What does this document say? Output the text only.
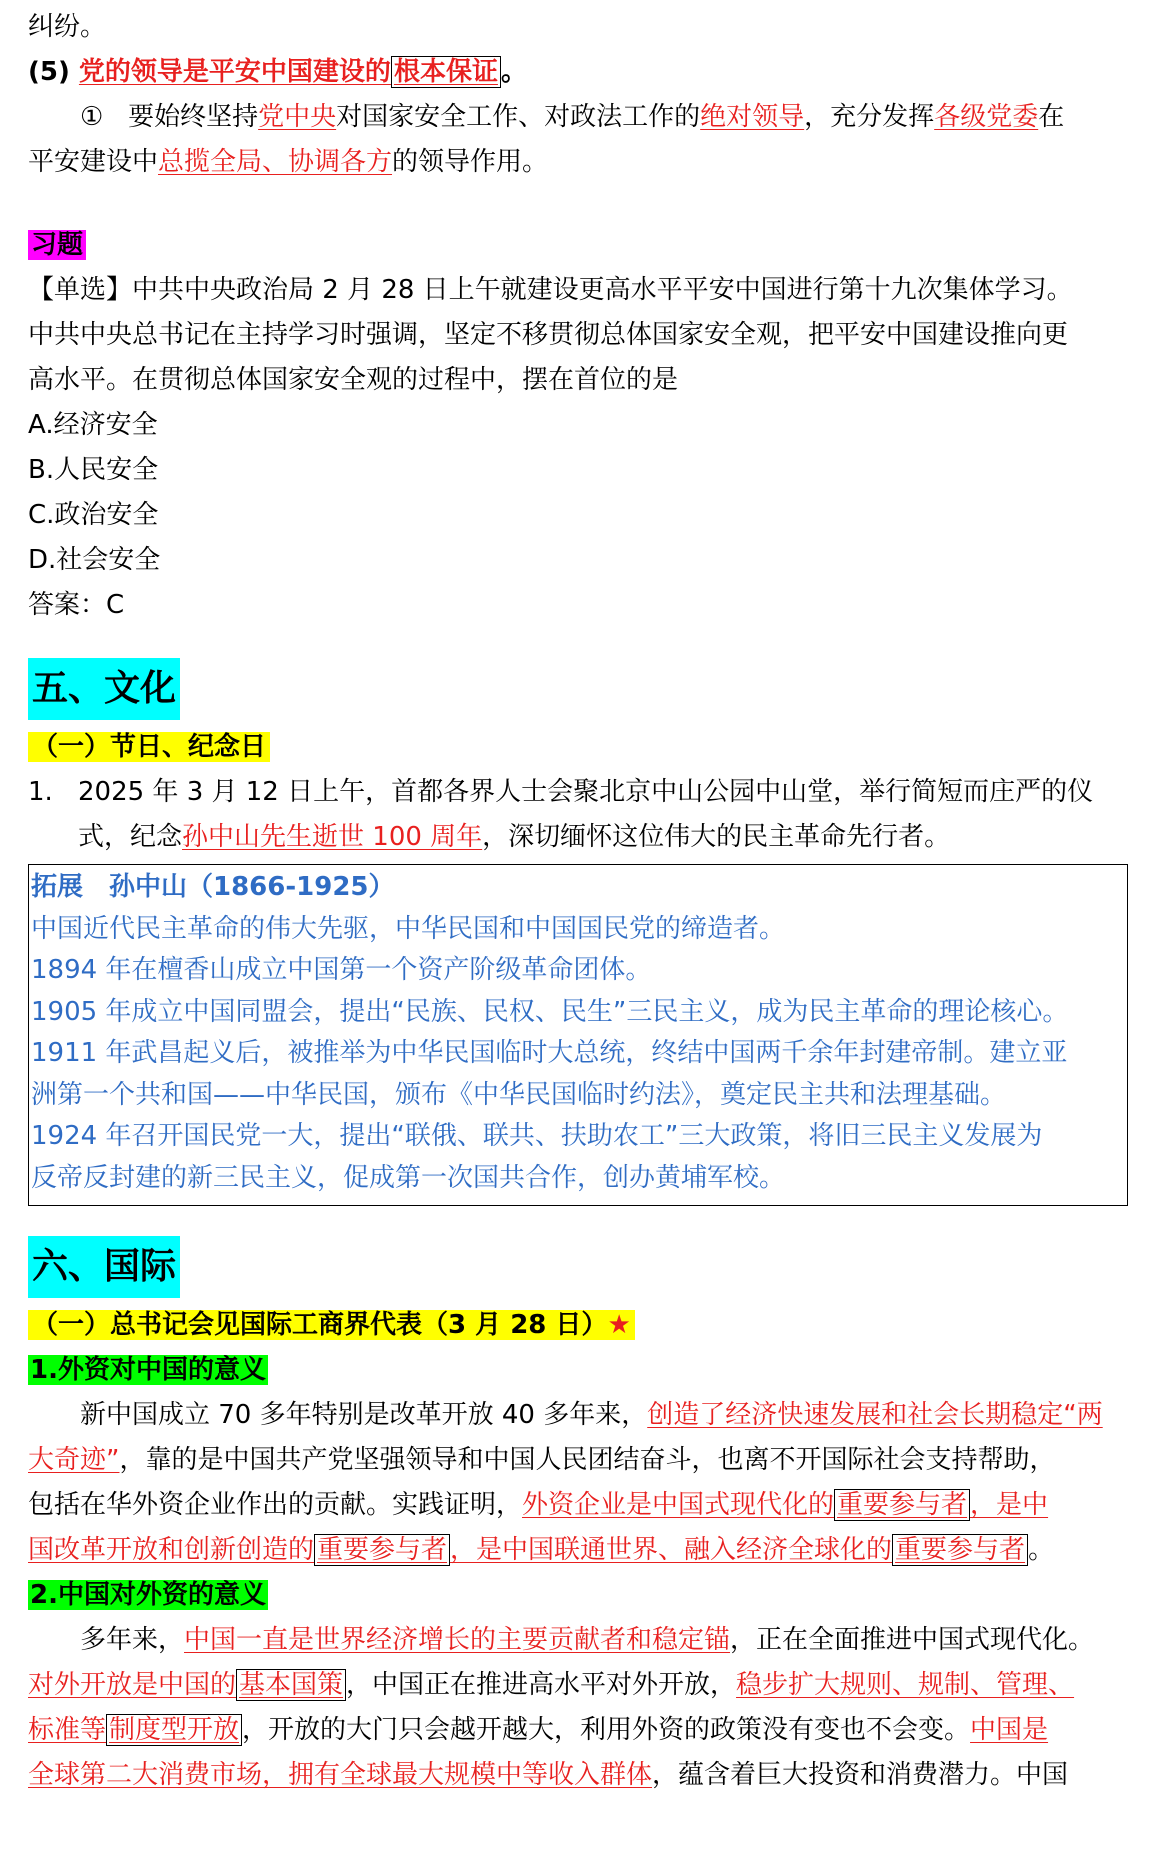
纠纷。

(5) 党的领导是平安中国建设的 根本保证 。

① 要始终坚持党中央对国家安全工作、对政法工作的绝对领导，充分发挥各级党委在

平安建设中总揽全局、协调各方的领导作用。

习题

【单选】中共中央政治局 2 月 28 日上午就建设更高水平平安中国进行第十九次集体学习。

中共中央总书记在主持学习时强调，坚定不移贯彻总体国家安全观，把平安中国建设推向更

高水平。在贯彻总体国家安全观的过程中，摆在首位的是

A.经济安全

B.人民安全

C.政治安全

D.社会安全

答案：C

五、文化

（一）节日、纪念日

1. 2025 年 3 月 12 日上午，首都各界人士会聚北京中山公园中山堂，举行简短而庄严的仪

式，纪念孙中山先生逝世 100 周年，深切缅怀这位伟大的民主革命先行者。

拓展　孙中山（1866-1925）

中国近代民主革命的伟大先驱，中华民国和中国国民党的缔造者。

1894 年在檀香山成立中国第一个资产阶级革命团体。

1905 年成立中国同盟会，提出“民族、民权、民生”三民主义，成为民主革命的理论核心。

1911 年武昌起义后，被推举为中华民国临时大总统，终结中国两千余年封建帝制。建立亚

洲第一个共和国——中华民国，颁布《中华民国临时约法》，奠定民主共和法理基础。

1924 年召开国民党一大，提出“联俄、联共、扶助农工”三大政策，将旧三民主义发展为

反帝反封建的新三民主义，促成第一次国共合作，创办黄埔军校。

六、国际

（一）总书记会见国际工商界代表（3 月 28 日）★

1.外资对中国的意义

新中国成立 70 多年特别是改革开放 40 多年来，创造了经济快速发展和社会长期稳定“两

大奇迹”，靠的是中国共产党坚强领导和中国人民团结奋斗，也离不开国际社会支持帮助，

包括在华外资企业作出的贡献。实践证明，外资企业是中国式现代化的 重要参与者 ，是中

国改革开放和创新创造的 重要参与者 ，是中国联通世界、融入经济全球化的 重要参与者 。

2.中国对外资的意义

多年来，中国一直是世界经济增长的主要贡献者和稳定锚，正在全面推进中国式现代化。

对外开放是中国的 基本国策 ，中国正在推进高水平对外开放，稳步扩大规则、规制、管理、

标准等 制度型开放 ，开放的大门只会越开越大，利用外资的政策没有变也不会变。中国是

全球第二大消费市场，拥有全球最大规模中等收入群体，蕴含着巨大投资和消费潜力。中国
